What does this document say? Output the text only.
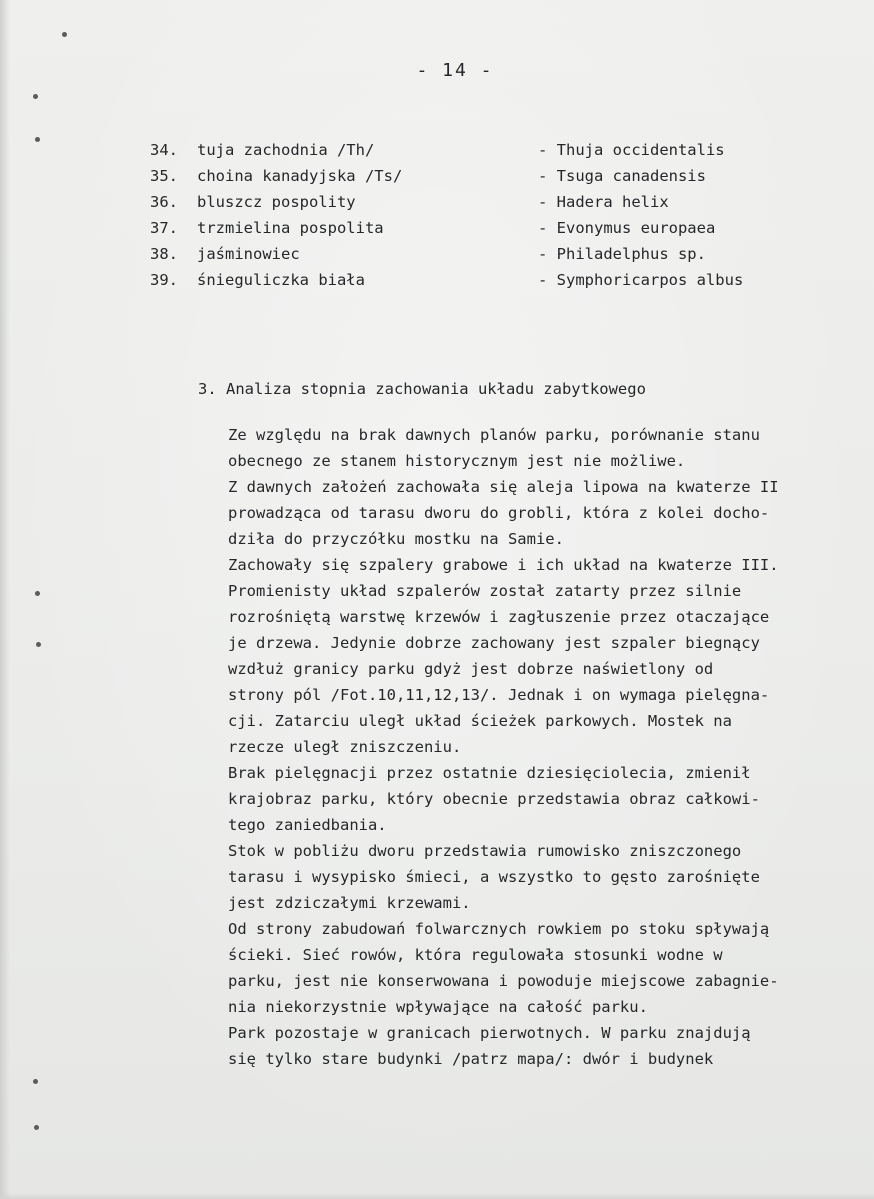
- 14 -
34. tuja zachodnia /Th/	- Thuja occidentalis
35. choina kanadyjska /Ts/	- Tsuga canadensis
36. bluszcz pospolity	- Hadera helix
37. trzmielina pospolita	- Evonymus europaea
38. jaśminowiec	- Philadelphus sp.
39. śnieguliczka biała	- Symphoricarpos albus
3. Analiza stopnia zachowania układu zabytkowego
Ze względu na brak dawnych planów parku, porównanie stanu
obecnego ze stanem historycznym jest nie możliwe.
Z dawnych założeń zachowała się aleja lipowa na kwaterze II
prowadząca od tarasu dworu do grobli, która z kolei docho-
dziła do przyczółku mostku na Samie.
Zachowały się szpalery grabowe i ich układ na kwaterze III.
Promienisty układ szpalerów został zatarty przez silnie
rozrośniętą warstwę krzewów i zagłuszenie przez otaczające
je drzewa. Jedynie dobrze zachowany jest szpaler biegnący
wzdłuż granicy parku gdyż jest dobrze naświetlony od
strony pól /Fot.10,11,12,13/. Jednak i on wymaga pielęgna-
cji. Zatarciu uległ układ ścieżek parkowych. Mostek na
rzecze uległ zniszczeniu.
Brak pielęgnacji przez ostatnie dziesięciolecia, zmienił
krajobraz parku, który obecnie przedstawia obraz całkowi-
tego zaniedbania.
Stok w pobliżu dworu przedstawia rumowisko zniszczonego
tarasu i wysypisko śmieci, a wszystko to gęsto zarośnięte
jest zdziczałymi krzewami.
Od strony zabudowań folwarcznych rowkiem po stoku spływają
ścieki. Sieć rowów, która regulowała stosunki wodne w
parku, jest nie konserwowana i powoduje miejscowe zabagnie-
nia niekorzystnie wpływające na całość parku.
Park pozostaje w granicach pierwotnych. W parku znajdują
się tylko stare budynki /patrz mapa/: dwór i budynek
